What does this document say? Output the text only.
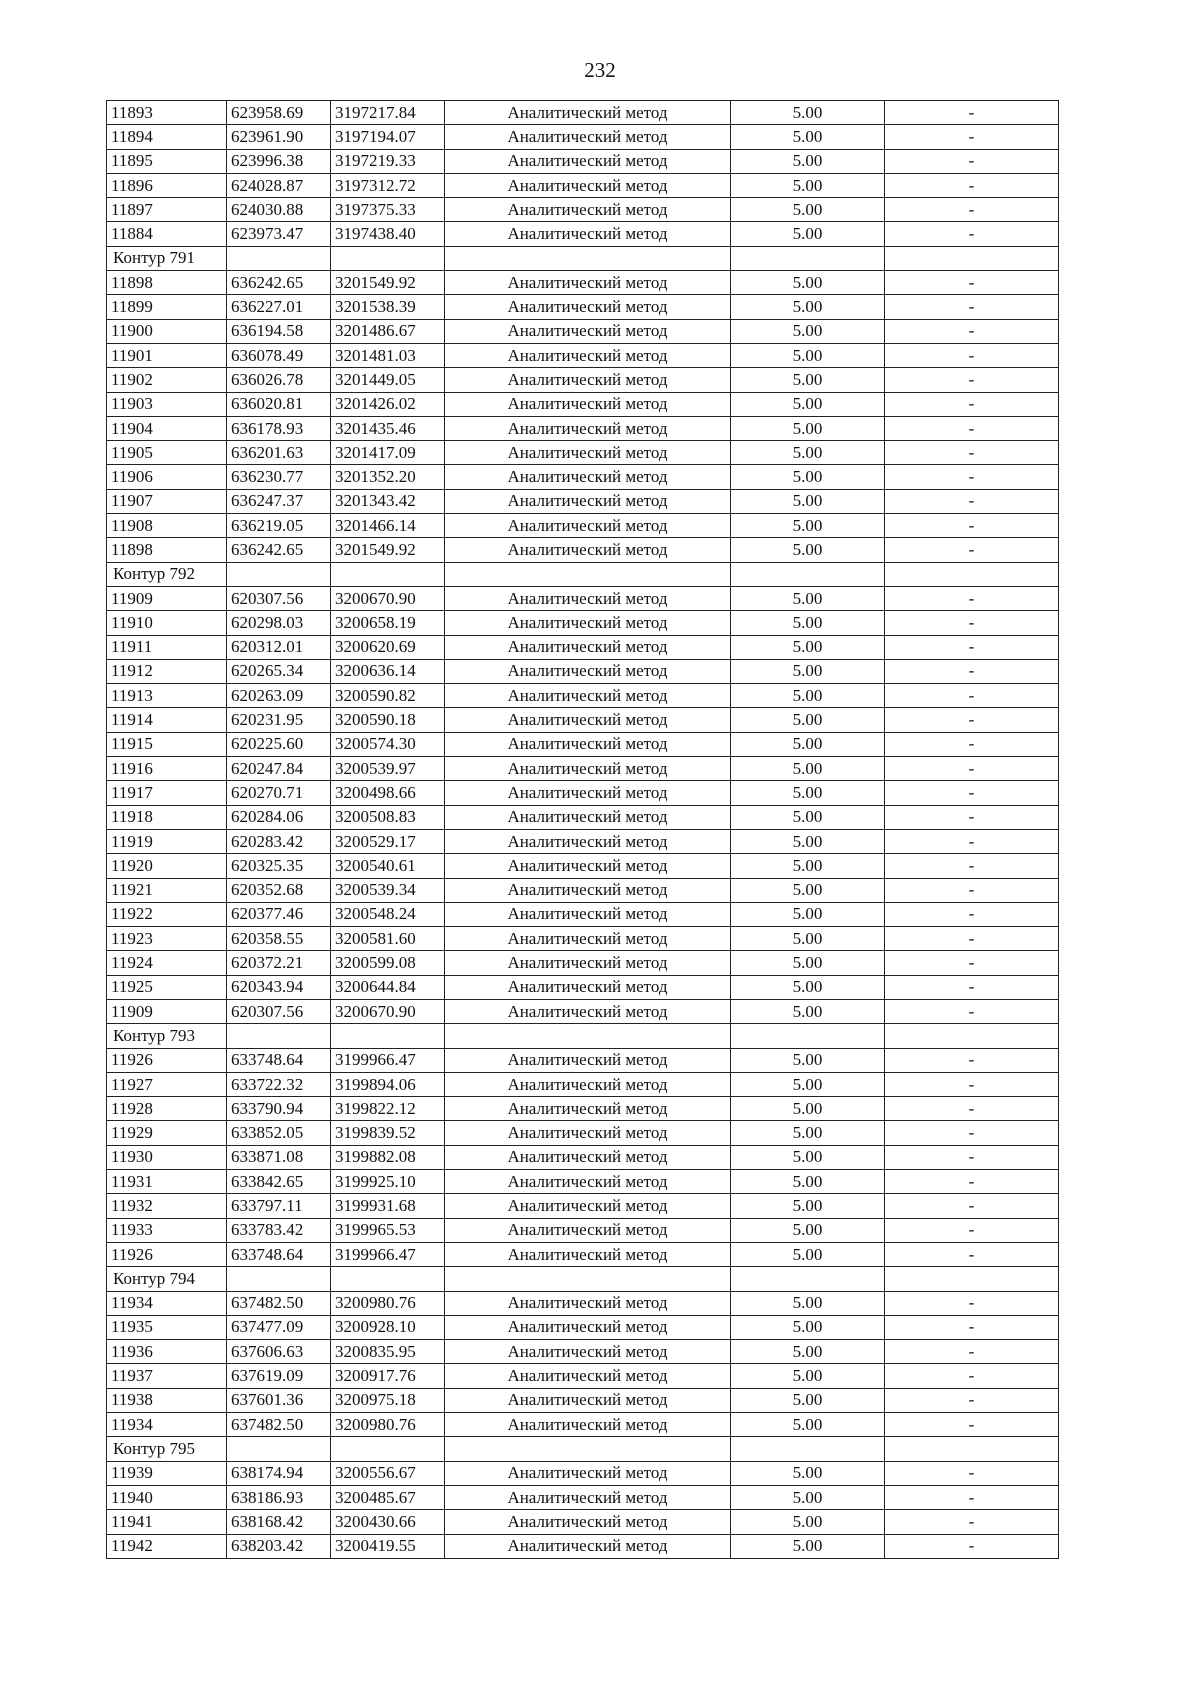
232
11893	623958.69	3197217.84	Аналитический метод	5.00	-
11894	623961.90	3197194.07	Аналитический метод	5.00	-
11895	623996.38	3197219.33	Аналитический метод	5.00	-
11896	624028.87	3197312.72	Аналитический метод	5.00	-
11897	624030.88	3197375.33	Аналитический метод	5.00	-
11884	623973.47	3197438.40	Аналитический метод	5.00	-
Контур 791					
11898	636242.65	3201549.92	Аналитический метод	5.00	-
11899	636227.01	3201538.39	Аналитический метод	5.00	-
11900	636194.58	3201486.67	Аналитический метод	5.00	-
11901	636078.49	3201481.03	Аналитический метод	5.00	-
11902	636026.78	3201449.05	Аналитический метод	5.00	-
11903	636020.81	3201426.02	Аналитический метод	5.00	-
11904	636178.93	3201435.46	Аналитический метод	5.00	-
11905	636201.63	3201417.09	Аналитический метод	5.00	-
11906	636230.77	3201352.20	Аналитический метод	5.00	-
11907	636247.37	3201343.42	Аналитический метод	5.00	-
11908	636219.05	3201466.14	Аналитический метод	5.00	-
11898	636242.65	3201549.92	Аналитический метод	5.00	-
Контур 792					
11909	620307.56	3200670.90	Аналитический метод	5.00	-
11910	620298.03	3200658.19	Аналитический метод	5.00	-
11911	620312.01	3200620.69	Аналитический метод	5.00	-
11912	620265.34	3200636.14	Аналитический метод	5.00	-
11913	620263.09	3200590.82	Аналитический метод	5.00	-
11914	620231.95	3200590.18	Аналитический метод	5.00	-
11915	620225.60	3200574.30	Аналитический метод	5.00	-
11916	620247.84	3200539.97	Аналитический метод	5.00	-
11917	620270.71	3200498.66	Аналитический метод	5.00	-
11918	620284.06	3200508.83	Аналитический метод	5.00	-
11919	620283.42	3200529.17	Аналитический метод	5.00	-
11920	620325.35	3200540.61	Аналитический метод	5.00	-
11921	620352.68	3200539.34	Аналитический метод	5.00	-
11922	620377.46	3200548.24	Аналитический метод	5.00	-
11923	620358.55	3200581.60	Аналитический метод	5.00	-
11924	620372.21	3200599.08	Аналитический метод	5.00	-
11925	620343.94	3200644.84	Аналитический метод	5.00	-
11909	620307.56	3200670.90	Аналитический метод	5.00	-
Контур 793					
11926	633748.64	3199966.47	Аналитический метод	5.00	-
11927	633722.32	3199894.06	Аналитический метод	5.00	-
11928	633790.94	3199822.12	Аналитический метод	5.00	-
11929	633852.05	3199839.52	Аналитический метод	5.00	-
11930	633871.08	3199882.08	Аналитический метод	5.00	-
11931	633842.65	3199925.10	Аналитический метод	5.00	-
11932	633797.11	3199931.68	Аналитический метод	5.00	-
11933	633783.42	3199965.53	Аналитический метод	5.00	-
11926	633748.64	3199966.47	Аналитический метод	5.00	-
Контур 794					
11934	637482.50	3200980.76	Аналитический метод	5.00	-
11935	637477.09	3200928.10	Аналитический метод	5.00	-
11936	637606.63	3200835.95	Аналитический метод	5.00	-
11937	637619.09	3200917.76	Аналитический метод	5.00	-
11938	637601.36	3200975.18	Аналитический метод	5.00	-
11934	637482.50	3200980.76	Аналитический метод	5.00	-
Контур 795					
11939	638174.94	3200556.67	Аналитический метод	5.00	-
11940	638186.93	3200485.67	Аналитический метод	5.00	-
11941	638168.42	3200430.66	Аналитический метод	5.00	-
11942	638203.42	3200419.55	Аналитический метод	5.00	-
